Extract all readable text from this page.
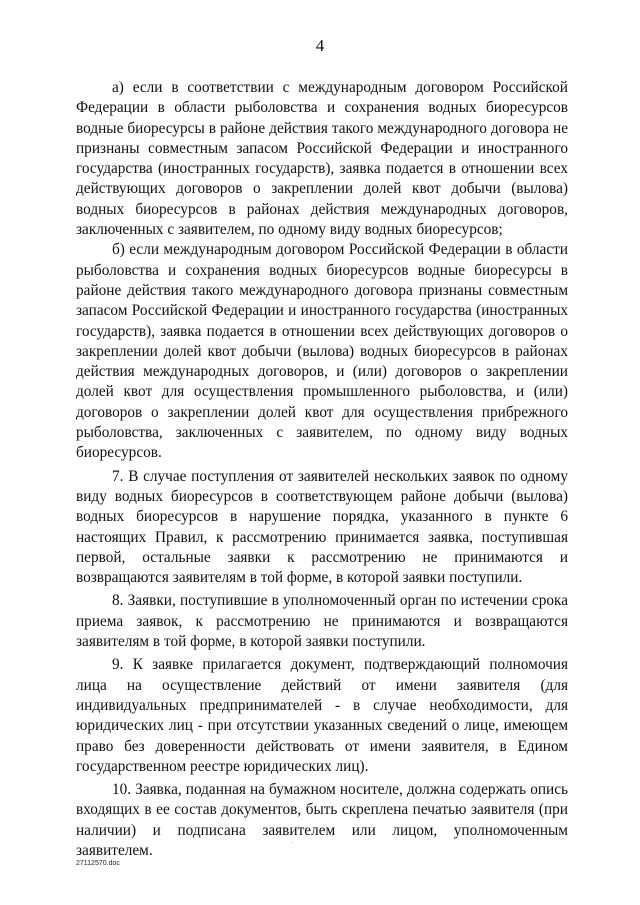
4

а) если в соответствии с международным договором Российской Федерации в области рыболовства и сохранения водных биоресурсов водные биоресурсы в районе действия такого международного договора не признаны совместным запасом Российской Федерации и иностранного государства (иностранных государств), заявка подается в отношении всех действующих договоров о закреплении долей квот добычи (вылова) водных биоресурсов в районах действия международных договоров, заключенных с заявителем, по одному виду водных биоресурсов;

б) если международным договором Российской Федерации в области рыболовства и сохранения водных биоресурсов водные биоресурсы в районе действия такого международного договора признаны совместным запасом Российской Федерации и иностранного государства (иностранных государств), заявка подается в отношении всех действующих договоров о закреплении долей квот добычи (вылова) водных биоресурсов в районах действия международных договоров, и (или) договоров о закреплении долей квот для осуществления промышленного рыболовства, и (или) договоров о закреплении долей квот для осуществления прибрежного рыболовства, заключенных с заявителем, по одному виду водных биоресурсов.

7. В случае поступления от заявителей нескольких заявок по одному виду водных биоресурсов в соответствующем районе добычи (вылова) водных биоресурсов в нарушение порядка, указанного в пункте 6 настоящих Правил, к рассмотрению принимается заявка, поступившая первой, остальные заявки к рассмотрению не принимаются и возвращаются заявителям в той форме, в которой заявки поступили.

8. Заявки, поступившие в уполномоченный орган по истечении срока приема заявок, к рассмотрению не принимаются и возвращаются заявителям в той форме, в которой заявки поступили.

9. К заявке прилагается документ, подтверждающий полномочия лица на осуществление действий от имени заявителя (для индивидуальных предпринимателей - в случае необходимости, для юридических лиц - при отсутствии указанных сведений о лице, имеющем право без доверенности действовать от имени заявителя, в Едином государственном реестре юридических лиц).

10. Заявка, поданная на бумажном носителе, должна содержать опись входящих в ее состав документов, быть скреплена печатью заявителя (при наличии) и подписана заявителем или лицом, уполномоченным заявителем.

27112570.doc
